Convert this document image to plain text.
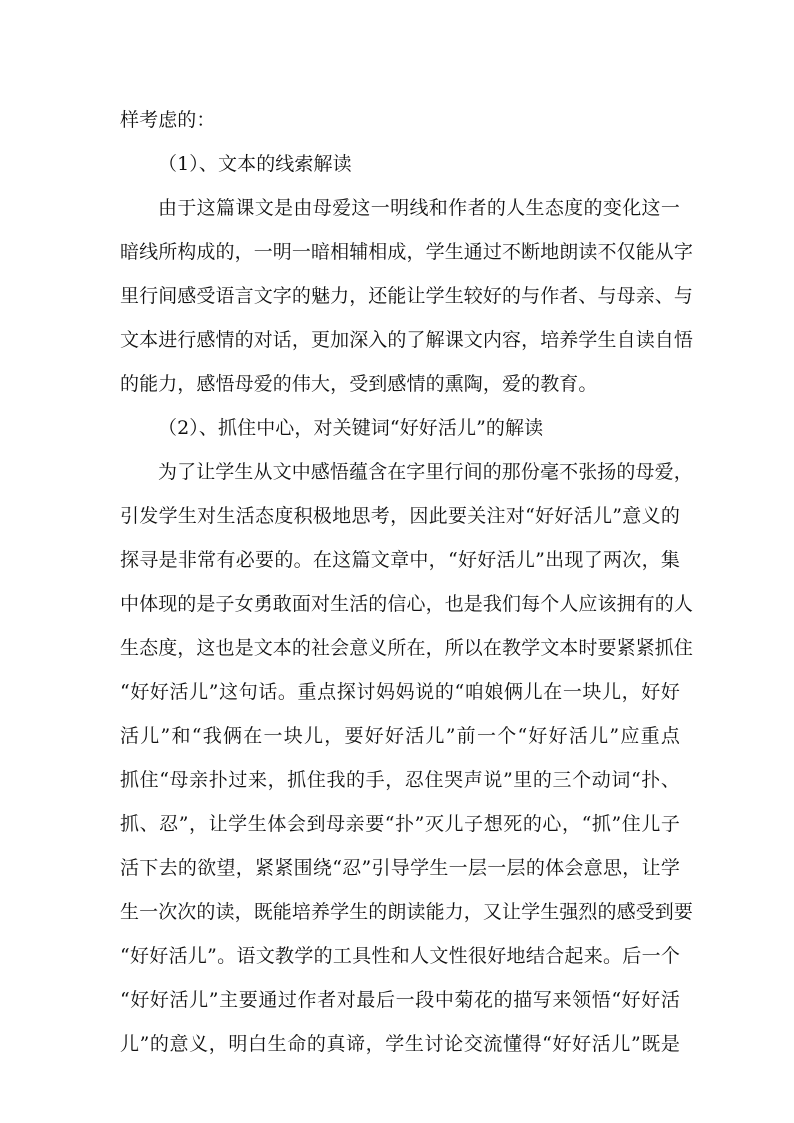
样考虑的：
（1）、文本的线索解读
由于这篇课文是由母爱这一明线和作者的人生态度的变化这一
暗线所构成的，一明一暗相辅相成，学生通过不断地朗读不仅能从字
里行间感受语言文字的魅力，还能让学生较好的与作者、与母亲、与
文本进行感情的对话，更加深入的了解课文内容，培养学生自读自悟
的能力，感悟母爱的伟大，受到感情的熏陶，爱的教育。
（2）、抓住中心，对关键词“好好活儿”的解读
为了让学生从文中感悟蕴含在字里行间的那份毫不张扬的母爱，
引发学生对生活态度积极地思考，因此要关注对“好好活儿”意义的
探寻是非常有必要的。在这篇文章中，“好好活儿”出现了两次，集
中体现的是子女勇敢面对生活的信心，也是我们每个人应该拥有的人
生态度，这也是文本的社会意义所在，所以在教学文本时要紧紧抓住
“好好活儿”这句话。重点探讨妈妈说的“咱娘俩儿在一块儿，好好
活儿”和“我俩在一块儿，要好好活儿”前一个“好好活儿”应重点
抓住“母亲扑过来，抓住我的手，忍住哭声说”里的三个动词“扑、
抓、忍”，让学生体会到母亲要“扑”灭儿子想死的心，“抓”住儿子
活下去的欲望，紧紧围绕“忍”引导学生一层一层的体会意思，让学
生一次次的读，既能培养学生的朗读能力，又让学生强烈的感受到要
“好好活儿”。语文教学的工具性和人文性很好地结合起来。后一个
“好好活儿”主要通过作者对最后一段中菊花的描写来领悟“好好活
儿”的意义，明白生命的真谛，学生讨论交流懂得“好好活儿”既是
